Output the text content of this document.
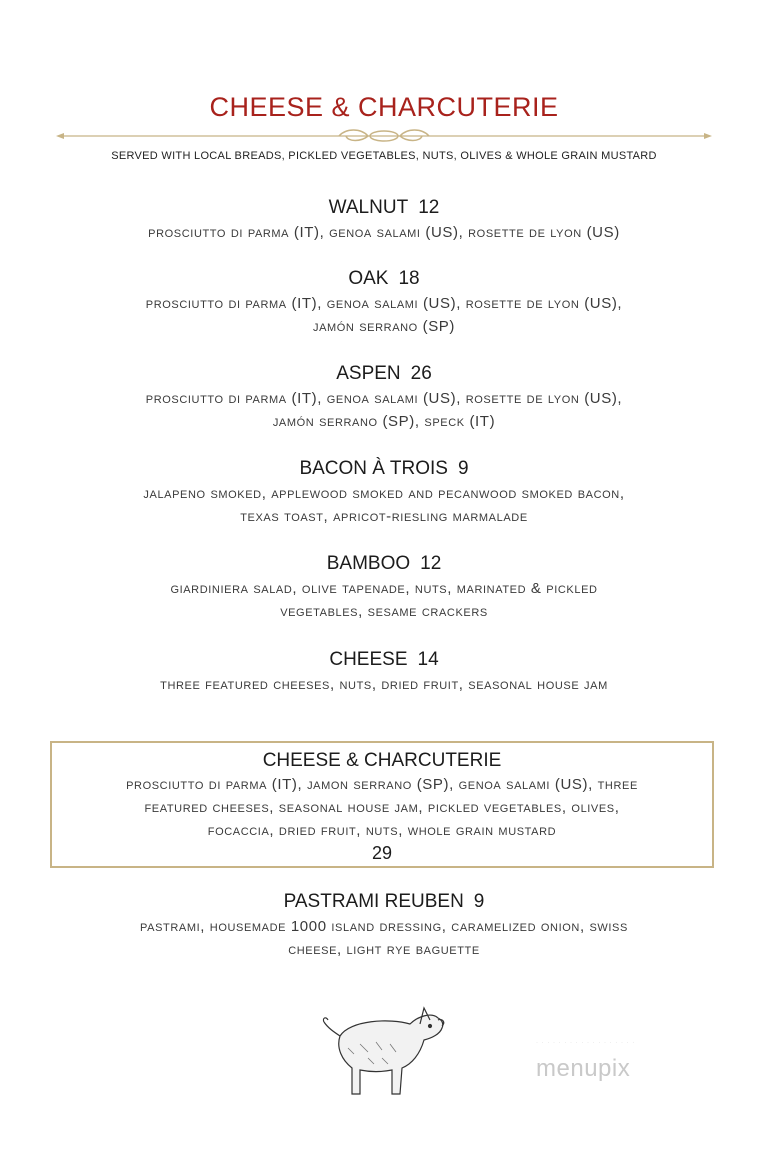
CHEESE & CHARCUTERIE
SERVED WITH LOCAL BREADS, PICKLED VEGETABLES, NUTS, OLIVES & WHOLE GRAIN MUSTARD
WALNUT 12
prosciutto di parma (IT), genoa salami (US), rosette de lyon (US)
OAK 18
prosciutto di parma (IT), genoa salami (US), rosette de lyon (US),
jamón serrano (SP)
ASPEN 26
prosciutto di parma (IT), genoa salami (US), rosette de lyon (US),
jamón serrano (SP), speck (IT)
BACON À TROIS 9
jalapeno smoked, applewood smoked and pecanwood smoked bacon,
texas toast, apricot-riesling marmalade
BAMBOO 12
giardiniera salad, olive tapenade, nuts, marinated & pickled
vegetables, sesame crackers
CHEESE 14
three featured cheeses, nuts, dried fruit, seasonal house jam
CHEESE & CHARCUTERIE
prosciutto di parma (IT), jamon serrano (SP), genoa salami (US), three
featured cheeses, seasonal house jam, pickled vegetables, olives,
focaccia, dried fruit, nuts, whole grain mustard
29
PASTRAMI REUBEN 9
pastrami, housemade 1000 island dressing, caramelized onion, swiss
cheese, light rye baguette
· · · · · · · · · · · · · · · · · ·
menupix
